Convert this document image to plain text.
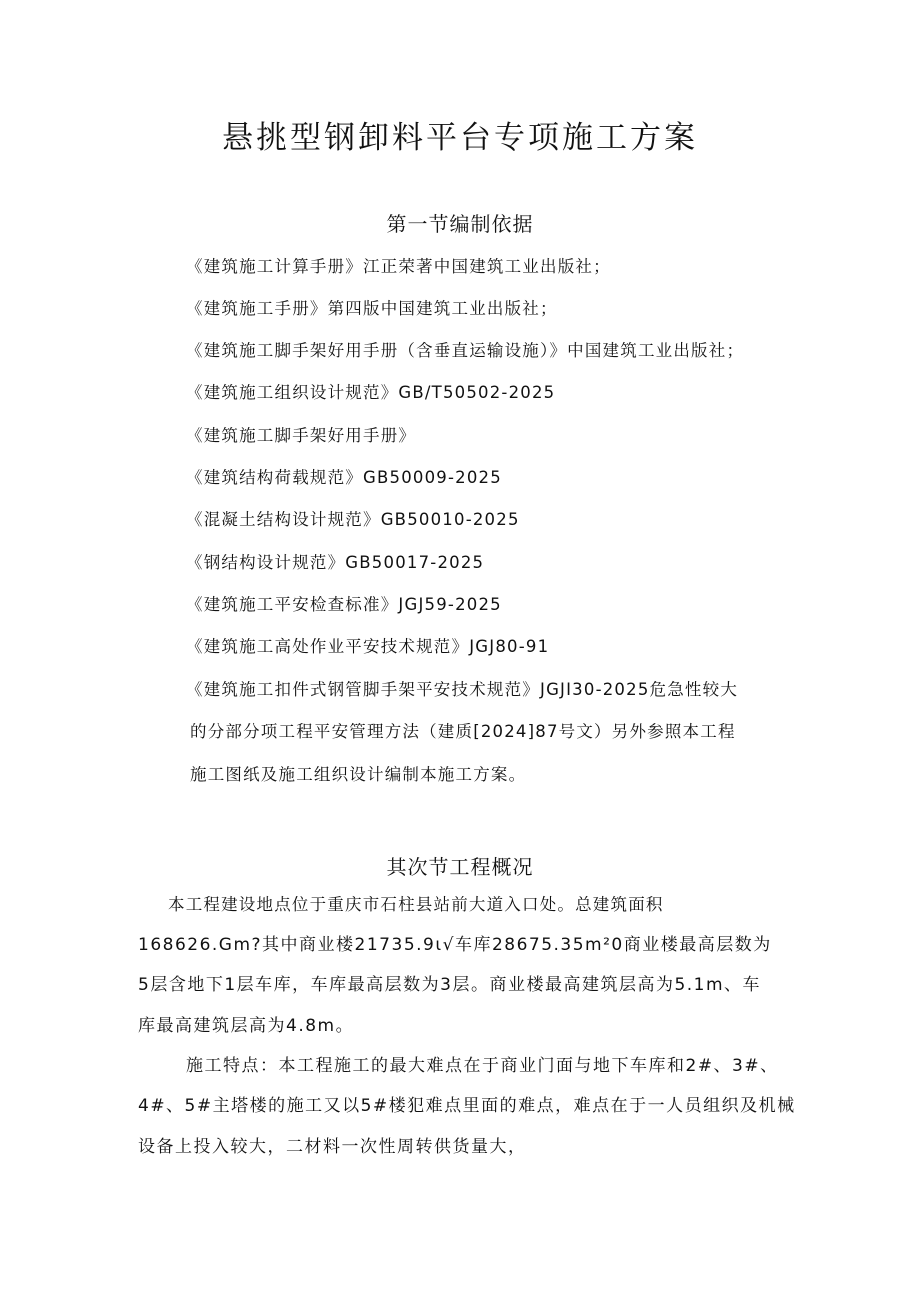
悬挑型钢卸料平台专项施工方案
第一节编制依据
《建筑施工计算手册》江正荣著中国建筑工业出版社；
《建筑施工手册》第四版中国建筑工业出版社；
《建筑施工脚手架好用手册（含垂直运输设施）》中国建筑工业出版社；
《建筑施工组织设计规范》GB/T50502-2025
《建筑施工脚手架好用手册》
《建筑结构荷载规范》GB50009-2025
《混凝土结构设计规范》GB50010-2025
《钢结构设计规范》GB50017-2025
《建筑施工平安检查标准》JGJ59-2025
《建筑施工高处作业平安技术规范》JGJ80-91
《建筑施工扣件式钢管脚手架平安技术规范》JGJI30-2025危急性较大
的分部分项工程平安管理方法（建质[2024]87号文）另外参照本工程
施工图纸及施工组织设计编制本施工方案。
其次节工程概况
本工程建设地点位于重庆市石柱县站前大道入口处。总建筑面积
168626.Gm?其中商业楼21735.9ι√车库28675.35m²0商业楼最高层数为
5层含地下1层车库，车库最高层数为3层。商业楼最高建筑层高为5.1m、车
库最高建筑层高为4.8m。
施工特点：本工程施工的最大难点在于商业门面与地下车库和2#、3#、
4#、5#主塔楼的施工又以5#楼犯难点里面的难点，难点在于一人员组织及机械
设备上投入较大，二材料一次性周转供货量大，
